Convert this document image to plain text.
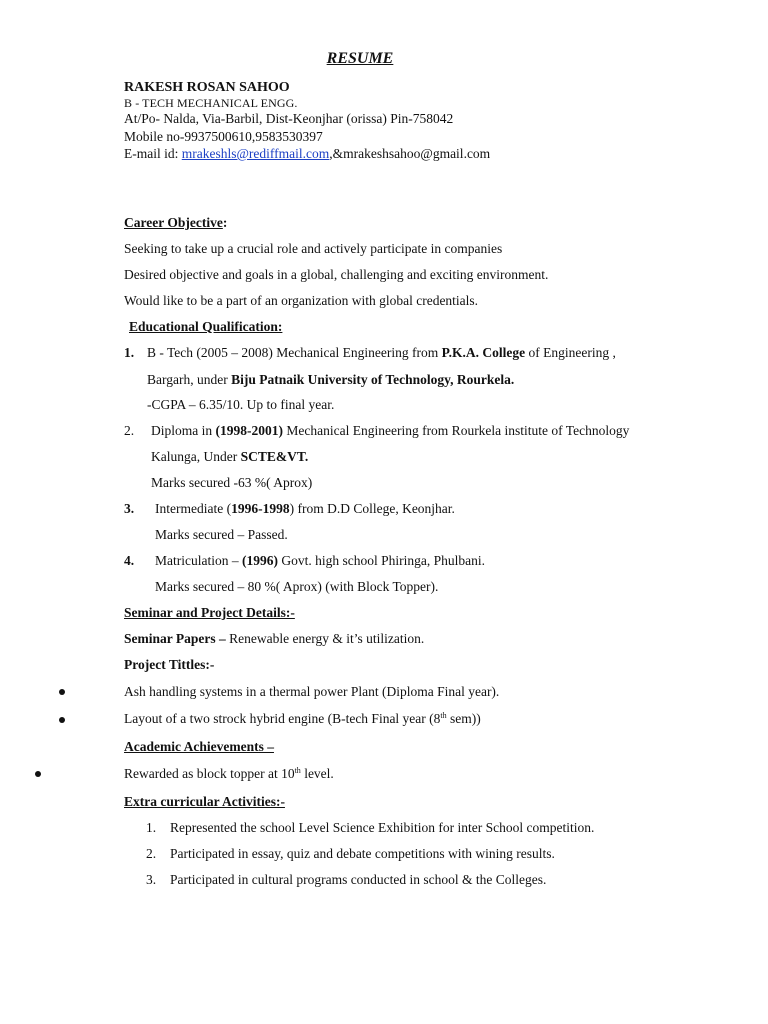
RESUME
RAKESH ROSAN SAHOO
B - TECH MECHANICAL ENGG.
At/Po- Nalda, Via-Barbil, Dist-Keonjhar (orissa) Pin-758042
Mobile no-9937500610,9583530397
E-mail id: mrakeshls@rediffmail.com,&mrakeshsahoo@gmail.com
Career Objective:
Seeking to take up a crucial role and actively participate in companies
Desired objective and goals in a global, challenging and exciting environment.
Would like to be a part of an organization with global credentials.
Educational Qualification:
1. B - Tech (2005 – 2008) Mechanical Engineering from P.K.A. College of Engineering ,
Bargarh, under Biju Patnaik University of Technology, Rourkela.
-CGPA – 6.35/10. Up to final year.
2. Diploma in (1998-2001) Mechanical Engineering from Rourkela institute of Technology
Kalunga, Under SCTE&VT.
Marks secured -63 %( Aprox)
3. Intermediate (1996-1998) from D.D College, Keonjhar.
Marks secured – Passed.
4. Matriculation – (1996) Govt. high school Phiringa, Phulbani.
Marks secured – 80 %( Aprox) (with Block Topper).
Seminar and Project Details:-
Seminar Papers – Renewable energy & it’s utilization.
Project Tittles:-
Ash handling systems in a thermal power Plant (Diploma Final year).
Layout of a two strock hybrid engine (B-tech Final year (8th sem))
Academic Achievements –
Rewarded as block topper at 10th level.
Extra curricular Activities:-
1. Represented the school Level Science Exhibition for inter School competition.
2. Participated in essay, quiz and debate competitions with wining results.
3. Participated in cultural programs conducted in school & the Colleges.
